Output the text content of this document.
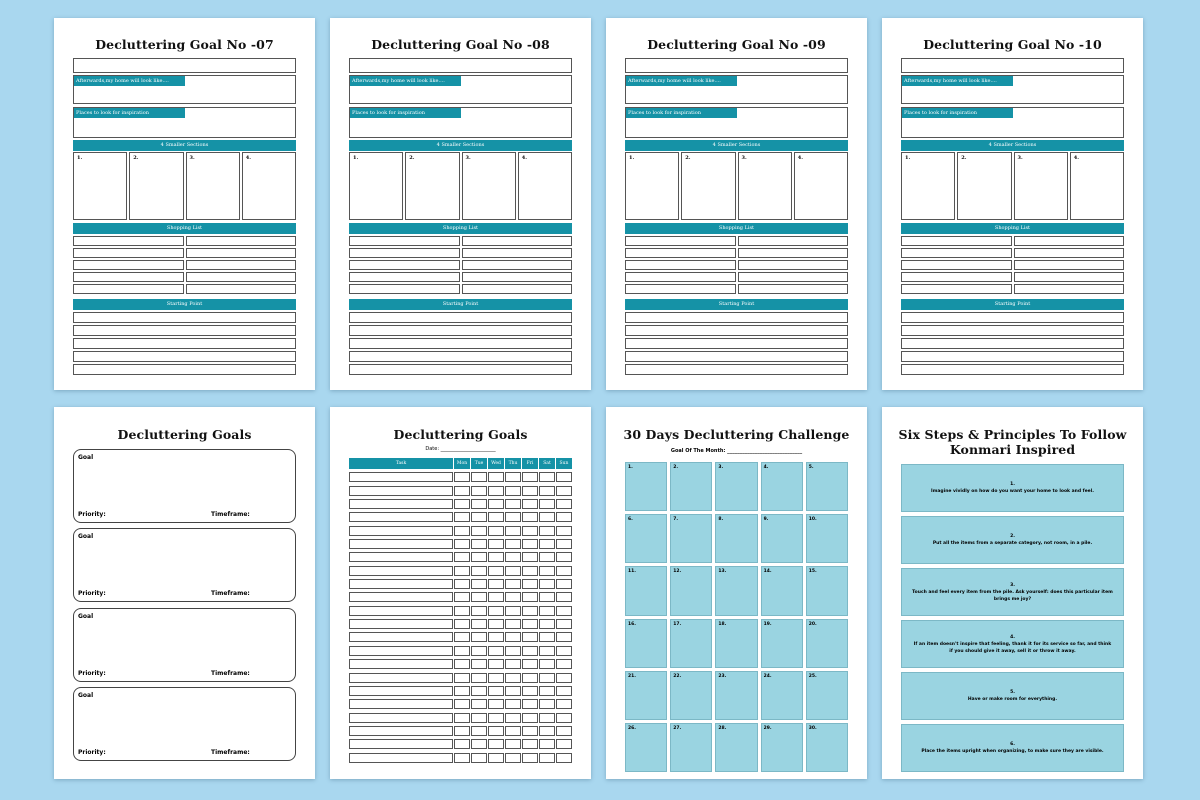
Decluttering Goal No -07
Afterwards,my home will look like....
Places to look for inspiration
4 Smaller Sections
1.	2.	3.	4.
Shopping List
Starting Point
Decluttering Goal No -08
Afterwards,my home will look like....
Places to look for inspiration
4 Smaller Sections
1.	2.	3.	4.
Shopping List
Starting Point
Decluttering Goal No -09
Afterwards,my home will look like....
Places to look for inspiration
4 Smaller Sections
1.	2.	3.	4.
Shopping List
Starting Point
Decluttering Goal No -10
Afterwards,my home will look like....
Places to look for inspiration
4 Smaller Sections
1.	2.	3.	4.
Shopping List
Starting Point
Decluttering Goals
Goal
Priority:	Timeframe:
Goal
Priority:	Timeframe:
Goal
Priority:	Timeframe:
Goal
Priority:	Timeframe:
Decluttering Goals
Date: ______________________
Task	Mon	Tue	Wed	Thu	Fri	Sat	Sun
30 Days Decluttering Challenge
Goal Of The Month: ______________________________
1.	2.	3.	4.	5.
6.	7.	8.	9.	10.
11.	12.	13.	14.	15.
16.	17.	18.	19.	20.
21.	22.	23.	24.	25.
26.	27.	28.	29.	30.
Six Steps & Principles To Follow
Konmari Inspired
1.
Imagine vividly on how do you want your home to look and feel.
2.
Put all the items from a separate category, not room, in a pile.
3.
Touch and feel every item from the pile. Ask yourself: does this particular item brings me joy?
4.
If an item doesn't inspire that feeling, thank it for its service so far, and think if you should give it away, sell it or throw it away.
5.
Have or make room for everything.
6.
Place the items upright when organizing, to make sure they are visible.
